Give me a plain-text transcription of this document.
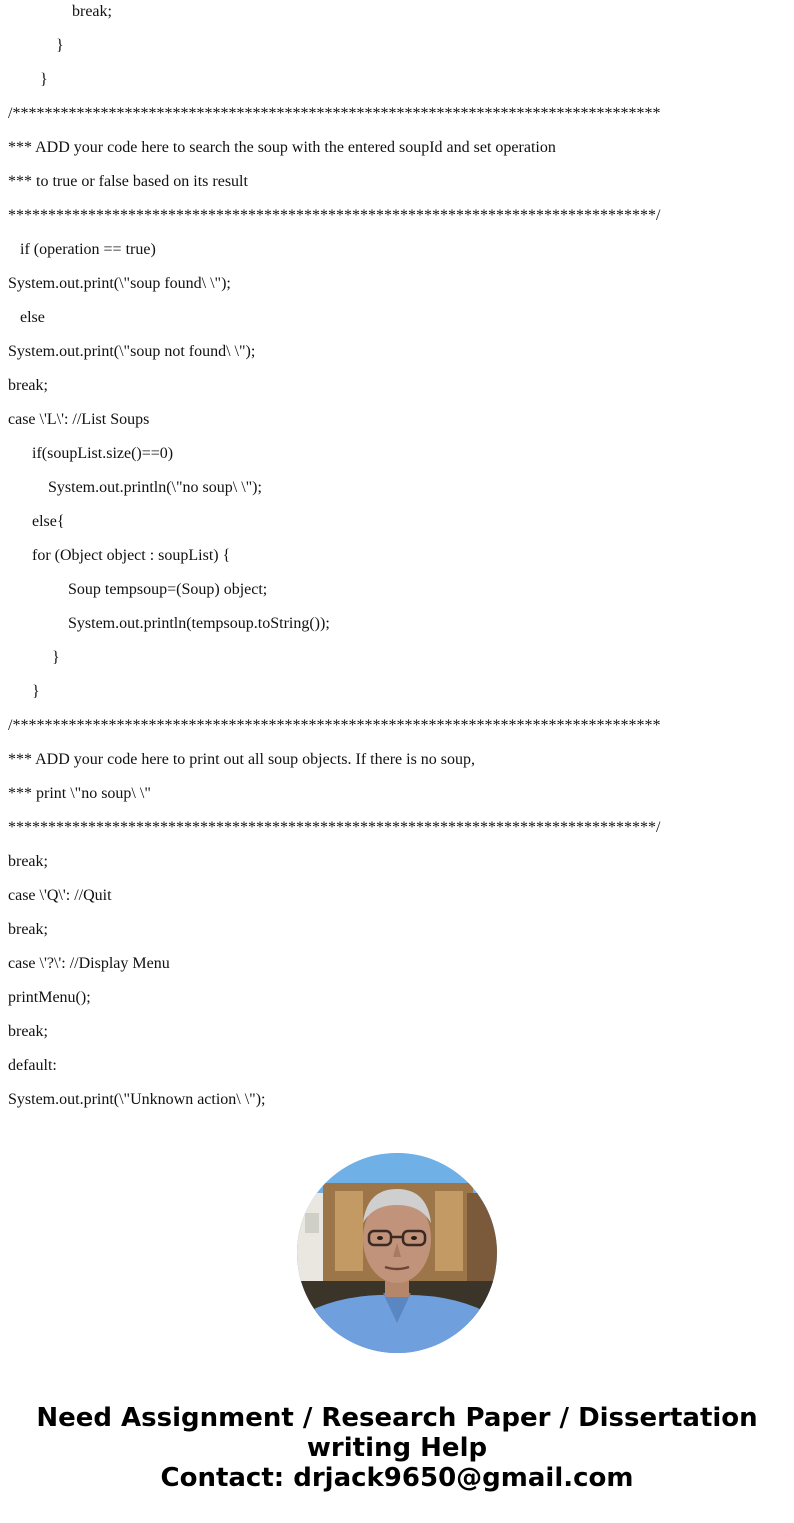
break;
}
}
/*********************************************************************************
*** ADD your code here to search the soup with the entered soupId and set operation
*** to true or false based on its result
*********************************************************************************/
if (operation == true)
System.out.print(\"soup found\ \");
else
System.out.print(\"soup not found\ \");
break;
case \'L\': //List Soups
if(soupList.size()==0)
System.out.println(\"no soup\ \");
else{
for (Object object : soupList) {
Soup tempsoup=(Soup) object;
System.out.println(tempsoup.toString());
}
}
/*********************************************************************************
*** ADD your code here to print out all soup objects. If there is no soup,
*** print \"no soup\ \"
*********************************************************************************/
break;
case \'Q\': //Quit
break;
case \'?\': //Display Menu
printMenu();
break;
default:
System.out.print(\"Unknown action\ \");
Need Assignment / Research Paper / Dissertation
writing Help
Contact: drjack9650@gmail.com
